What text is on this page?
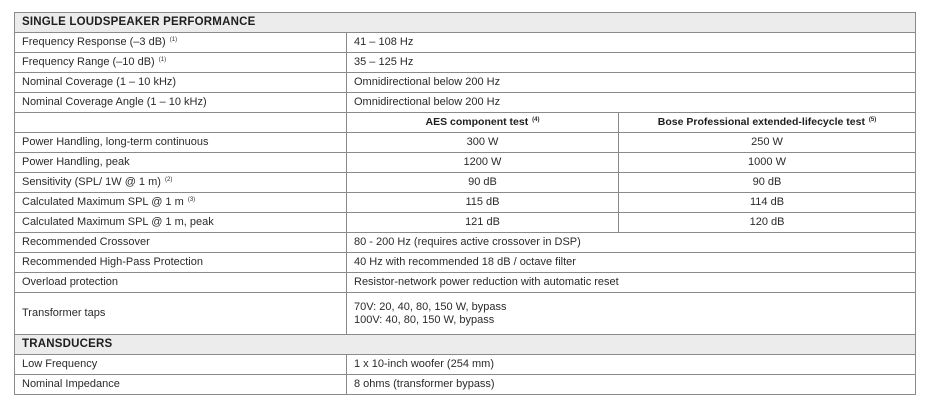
SINGLE LOUDSPEAKER PERFORMANCE		
Frequency Response (–3 dB) $^{(1)}$	41 – 108 Hz	
Frequency Range (–10 dB) $^{(1)}$	35 – 125 Hz	
Nominal Coverage (1 – 10 kHz)	Omnidirectional below 200 Hz	
Nominal Coverage Angle (1 – 10 kHz)	Omnidirectional below 200 Hz	
	AES component test $^{(4)}$	Bose Professional extended-lifecycle test $^{(5)}$
Power Handling, long-term continuous	300 W	250 W
Power Handling, peak	1200 W	1000 W
Sensitivity (SPL/ 1W @ 1 m) $^{(2)}$	90 dB	90 dB
Calculated Maximum SPL @ 1 m $^{(3)}$	115 dB	114 dB
Calculated Maximum SPL @ 1 m, peak	121 dB	120 dB
Recommended Crossover	80 - 200 Hz (requires active crossover in DSP)	
Recommended High-Pass Protection	40 Hz with recommended 18 dB / octave filter	
Overload protection	Resistor-network power reduction with automatic reset	
Transformer taps	70V: 20, 40, 80, 150 W, bypass
100V: 40, 80, 150 W, bypass	

TRANSDUCERS		
Low Frequency	1 x 10-inch woofer (254 mm)	
Nominal Impedance	8 ohms (transformer bypass)	
